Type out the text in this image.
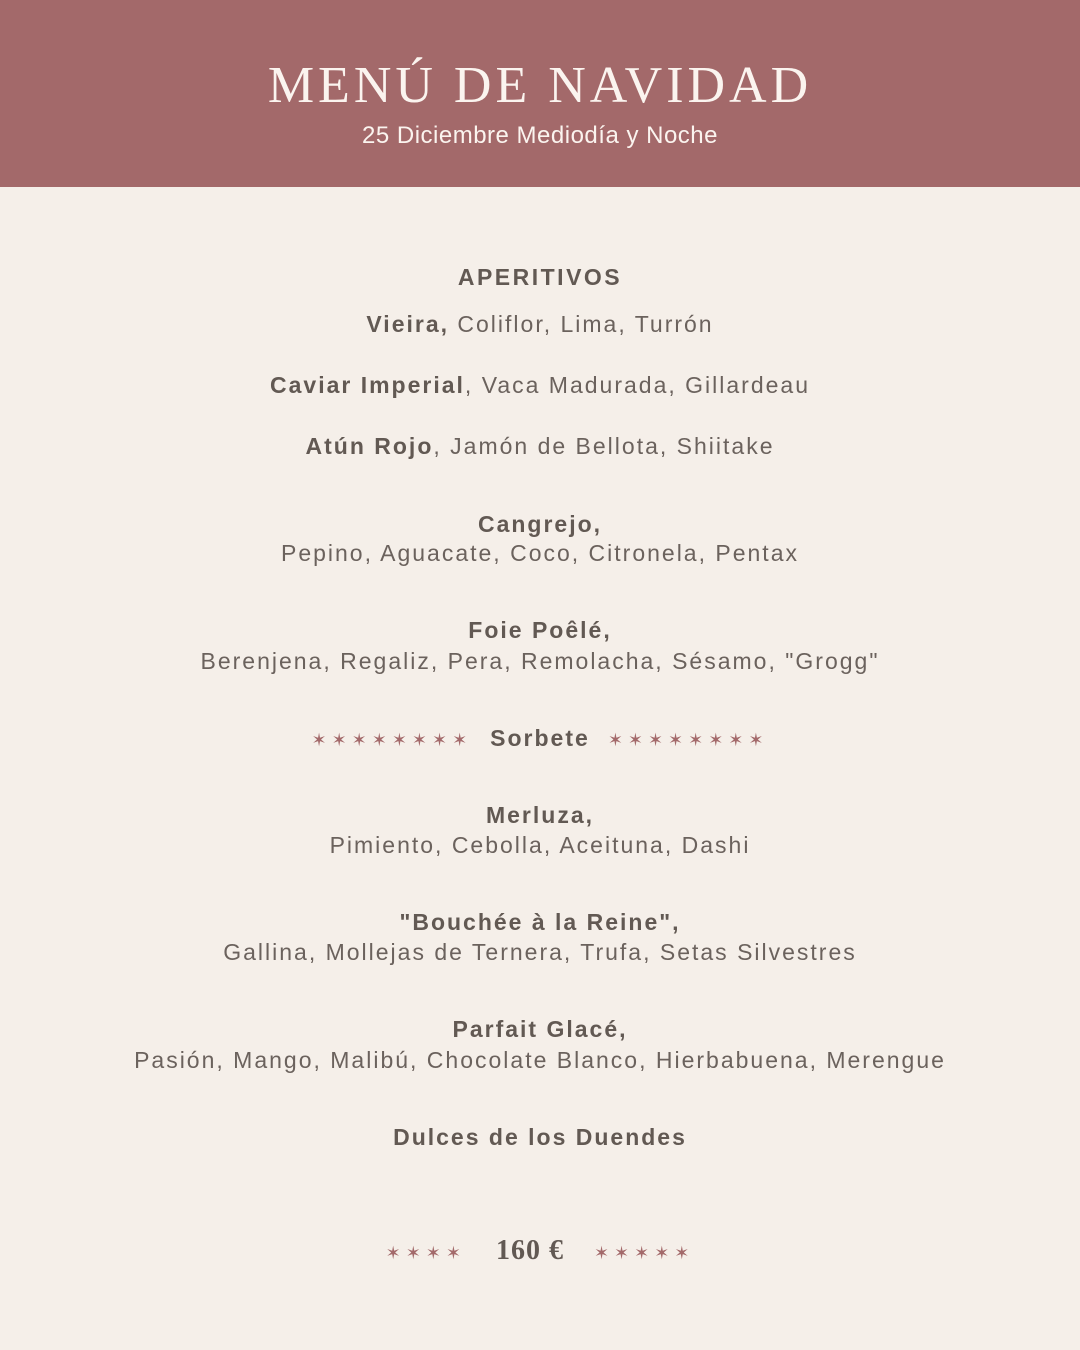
MENÚ DE NAVIDAD
25 Diciembre Mediodía y Noche
APERITIVOS
Vieira, Coliflor, Lima, Turrón
Caviar Imperial, Vaca Madurada, Gillardeau
Atún Rojo, Jamón de Bellota, Shiitake
Cangrejo,
Pepino, Aguacate, Coco, Citronela, Pentax
Foie Poêlé,
Berenjena, Regaliz, Pera, Remolacha, Sésamo, "Grogg"
✶✶✶✶✶✶✶✶ Sorbete ✶✶✶✶✶✶✶✶
Merluza,
Pimiento, Cebolla, Aceituna, Dashi
"Bouchée à la Reine",
Gallina, Mollejas de Ternera, Trufa, Setas Silvestres
Parfait Glacé,
Pasión, Mango, Malibú, Chocolate Blanco, Hierbabuena, Merengue
Dulces de los Duendes
✶✶✶✶ 160 € ✶✶✶✶✶
